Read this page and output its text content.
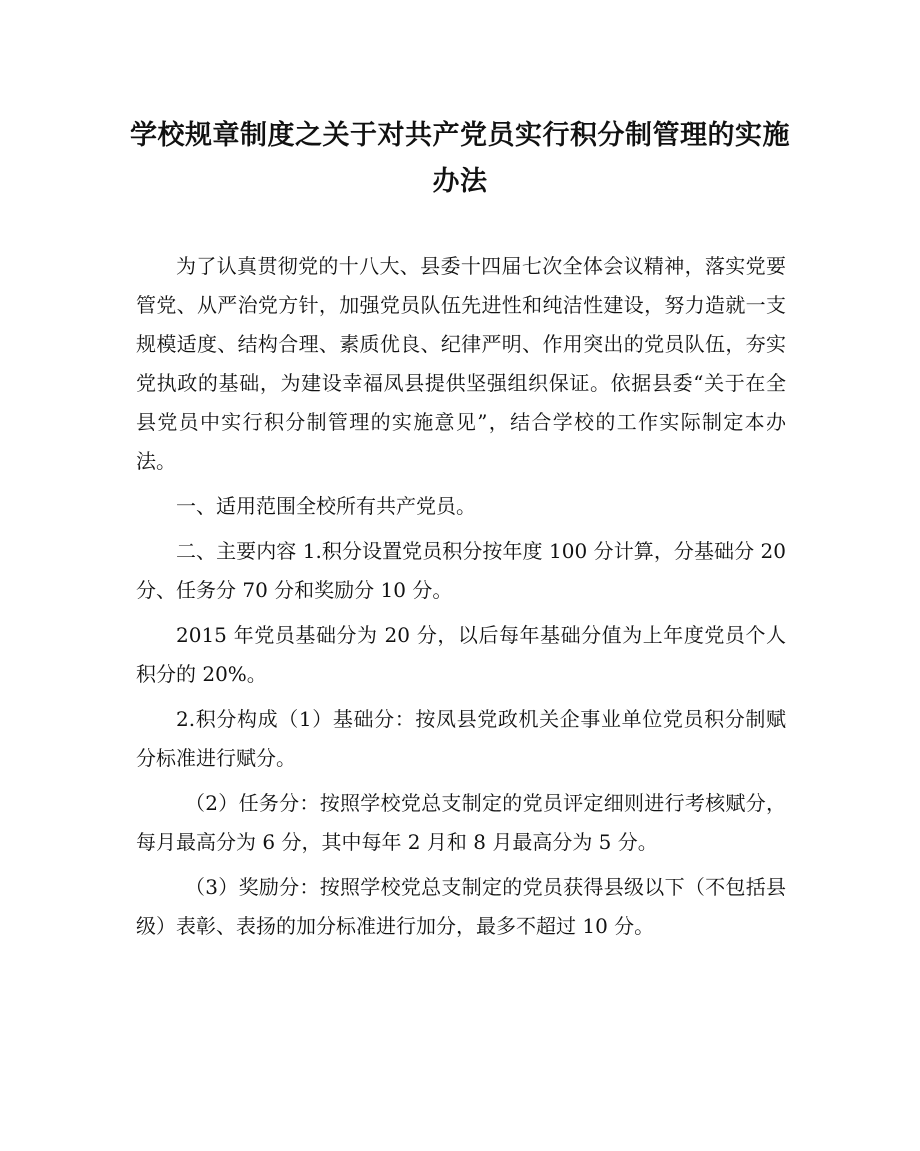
学校规章制度之关于对共产党员实行积分制管理的实施办法

为了认真贯彻党的十八大、县委十四届七次全体会议精神，落实党要管党、从严治党方针，加强党员队伍先进性和纯洁性建设，努力造就一支规模适度、结构合理、素质优良、纪律严明、作用突出的党员队伍，夯实党执政的基础，为建设幸福凤县提供坚强组织保证。依据县委“关于在全县党员中实行积分制管理的实施意见”，结合学校的工作实际制定本办法。

一、适用范围全校所有共产党员。

二、主要内容 1.积分设置党员积分按年度 100 分计算，分基础分 20 分、任务分 70 分和奖励分 10 分。

2015 年党员基础分为 20 分，以后每年基础分值为上年度党员个人积分的 20%。

2.积分构成（1）基础分：按凤县党政机关企事业单位党员积分制赋分标准进行赋分。

（2）任务分：按照学校党总支制定的党员评定细则进行考核赋分，每月最高分为 6 分，其中每年 2 月和 8 月最高分为 5 分。

（3）奖励分：按照学校党总支制定的党员获得县级以下（不包括县级）表彰、表扬的加分标准进行加分，最多不超过 10 分。
